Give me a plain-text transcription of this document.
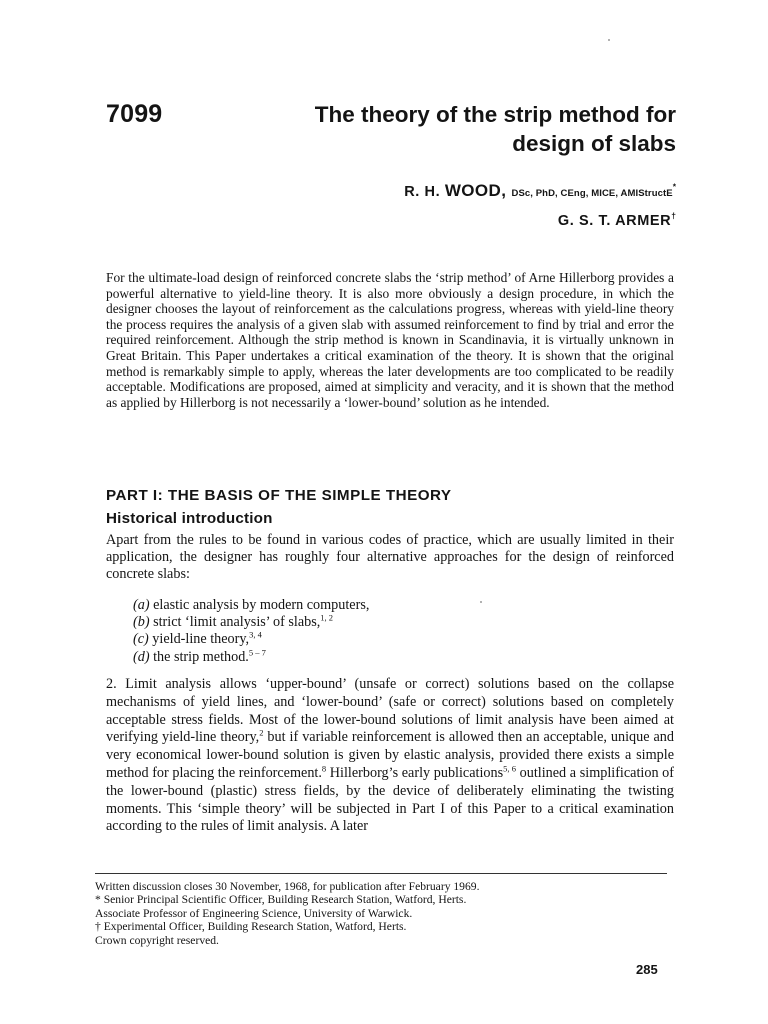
7099	The theory of the strip method for
design of slabs
R. H. WOOD, DSc, PhD, CEng, MICE, AMIStructE*
G. S. T. ARMER†

For the ultimate-load design of reinforced concrete slabs the ‘strip method’ of Arne Hillerborg provides a powerful alternative to yield-line theory. It is also more obviously a design procedure, in which the designer chooses the layout of reinforcement as the calculations progress, whereas with yield-line theory the process requires the analysis of a given slab with assumed reinforcement to find by trial and error the required reinforcement. Although the strip method is known in Scandinavia, it is virtually unknown in Great Britain. This Paper undertakes a critical examination of the theory. It is shown that the original method is remarkably simple to apply, whereas the later developments are too complicated to be readily acceptable. Modifications are proposed, aimed at simplicity and veracity, and it is shown that the method as applied by Hillerborg is not necessarily a ‘lower-bound’ solution as he intended.

PART I: THE BASIS OF THE SIMPLE THEORY
Historical introduction

Apart from the rules to be found in various codes of practice, which are usually limited in their application, the designer has roughly four alternative approaches for the design of reinforced concrete slabs:

(a) elastic analysis by modern computers,
(b) strict ‘limit analysis’ of slabs,$^{1, 2}$
(c) yield-line theory,$^{3, 4}$
(d) the strip method.$^{5 - 7}$

2. Limit analysis allows ‘upper-bound’ (unsafe or correct) solutions based on the collapse mechanisms of yield lines, and ‘lower-bound’ (safe or correct) solutions based on completely acceptable stress fields. Most of the lower-bound solutions of limit analysis have been aimed at verifying yield-line theory,$^2$ but if variable reinforcement is allowed then an acceptable, unique and very economical lower-bound solution is given by elastic analysis, provided there exists a simple method for placing the reinforcement.$^8$ Hillerborg’s early publications$^{5, 6}$ outlined a simplification of the lower-bound (plastic) stress fields, by the device of deliberately eliminating the twisting moments. This ‘simple theory’ will be subjected in Part I of this Paper to a critical examination according to the rules of limit analysis. A later

Written discussion closes 30 November, 1968, for publication after February 1969.
* Senior Principal Scientific Officer, Building Research Station, Watford, Herts.
Associate Professor of Engineering Science, University of Warwick.
† Experimental Officer, Building Research Station, Watford, Herts.
Crown copyright reserved.
285
